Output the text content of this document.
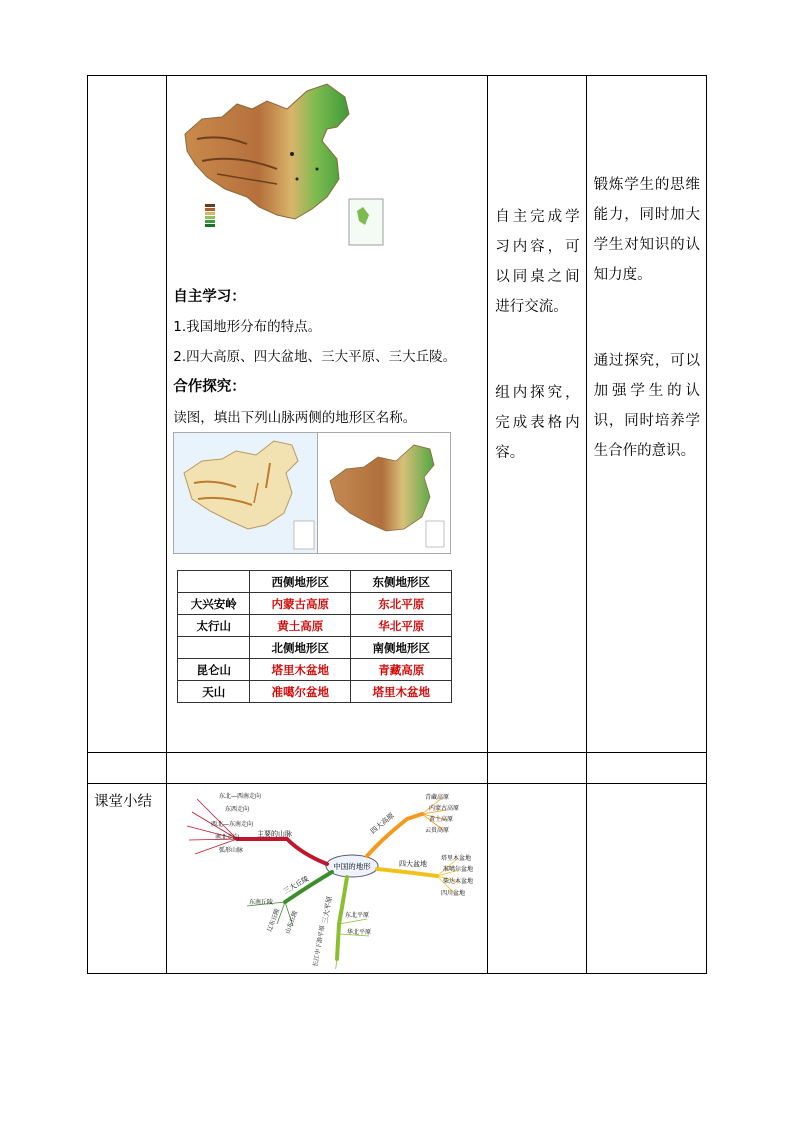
自主学习：
1.我国地形分布的特点。
2.四大高原、四大盆地、三大平原、三大丘陵。
合作探究：
读图，填出下列山脉两侧的地形区名称。
	西侧地形区	东侧地形区
大兴安岭	内蒙古高原	东北平原
太行山	黄土高原	华北平原
	北侧地形区	南侧地形区
昆仑山	塔里木盆地	青藏高原
天山	准噶尔盆地	塔里木盆地

自主完成学习内容，可以同桌之间进行交流。
组内探究，完成表格内容。

锻炼学生的思维能力，同时加大学生对知识的认知力度。
通过探究，可以加强学生的认识，同时培养学生合作的意识。

课堂小结

中国的地形
主要的山脉
东北—西南走向
东西走向
西北—东南走向
南北走向
弧形山脉
四大高原
青藏高原
内蒙古高原
黄土高原
云贵高原
四大盆地
塔里木盆地
准噶尔盆地
柴达木盆地
四川盆地
三大平原 东北平原
华北平原
长江中下游平原
三大丘陵
东南丘陵
辽东丘陵 山东丘陵
